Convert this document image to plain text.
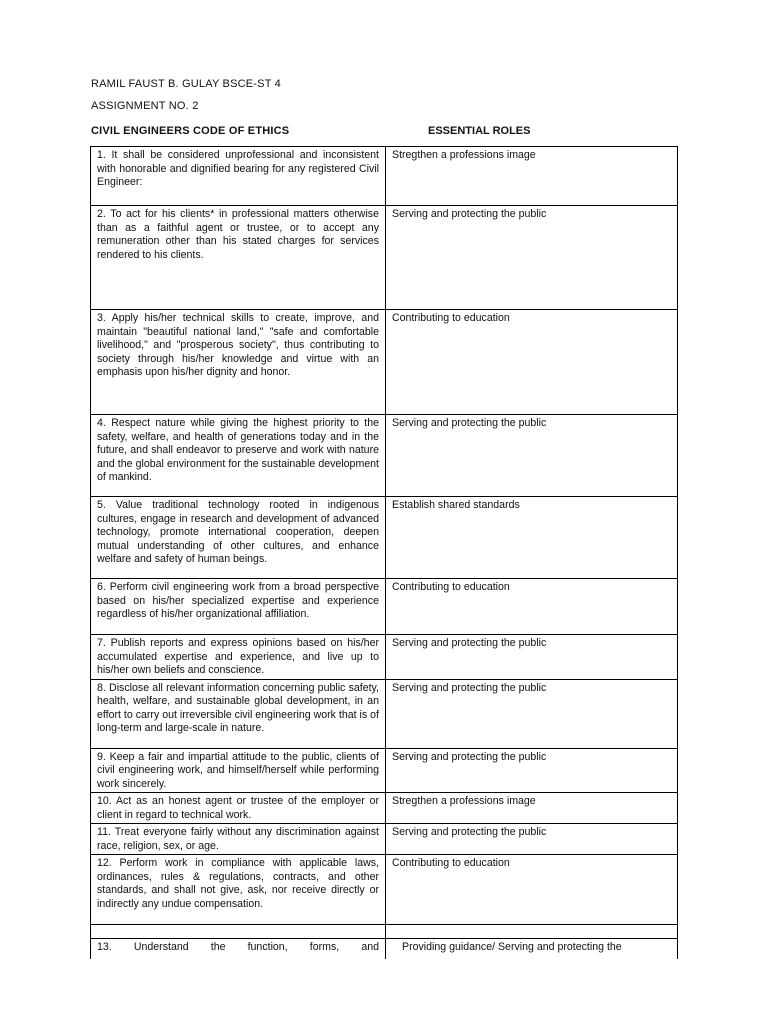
RAMIL FAUST B. GULAY BSCE-ST 4
ASSIGNMENT NO. 2
CIVIL ENGINEERS CODE OF ETHICS	ESSENTIAL ROLES
1. It shall be considered unprofessional and inconsistent with honorable and dignified bearing for any registered Civil Engineer:	Stregthen a professions image
2. To act for his clients* in professional matters otherwise than as a faithful agent or trustee, or to accept any remuneration other than his stated charges for services rendered to his clients.	Serving and protecting the public
3. Apply his/her technical skills to create, improve, and maintain "beautiful national land," "safe and comfortable livelihood," and "prosperous society", thus contributing to society through his/her knowledge and virtue with an emphasis upon his/her dignity and honor.	Contributing to education
4. Respect nature while giving the highest priority to the safety, welfare, and health of generations today and in the future, and shall endeavor to preserve and work with nature and the global environment for the sustainable development of mankind.	Serving and protecting the public
5. Value traditional technology rooted in indigenous cultures, engage in research and development of advanced technology, promote international cooperation, deepen mutual understanding of other cultures, and enhance welfare and safety of human beings.	Establish shared standards
6. Perform civil engineering work from a broad perspective based on his/her specialized expertise and experience regardless of his/her organizational affiliation.	Contributing to education
7. Publish reports and express opinions based on his/her accumulated expertise and experience, and live up to his/her own beliefs and conscience.	Serving and protecting the public
8. Disclose all relevant information concerning public safety, health, welfare, and sustainable global development, in an effort to carry out irreversible civil engineering work that is of long-term and large-scale in nature.	Serving and protecting the public
9. Keep a fair and impartial attitude to the public, clients of civil engineering work, and himself/herself while performing work sincerely.	Serving and protecting the public
10. Act as an honest agent or trustee of the employer or client in regard to technical work.	Stregthen a professions image
11. Treat everyone fairly without any discrimination against race, religion, sex, or age.	Serving and protecting the public
12. Perform work in compliance with applicable laws, ordinances, rules & regulations, contracts, and other standards, and shall not give, ask, nor receive directly or indirectly any undue compensation.	Contributing to education

13. Understand the function, forms, and	Providing guidance/ Serving and protecting the
